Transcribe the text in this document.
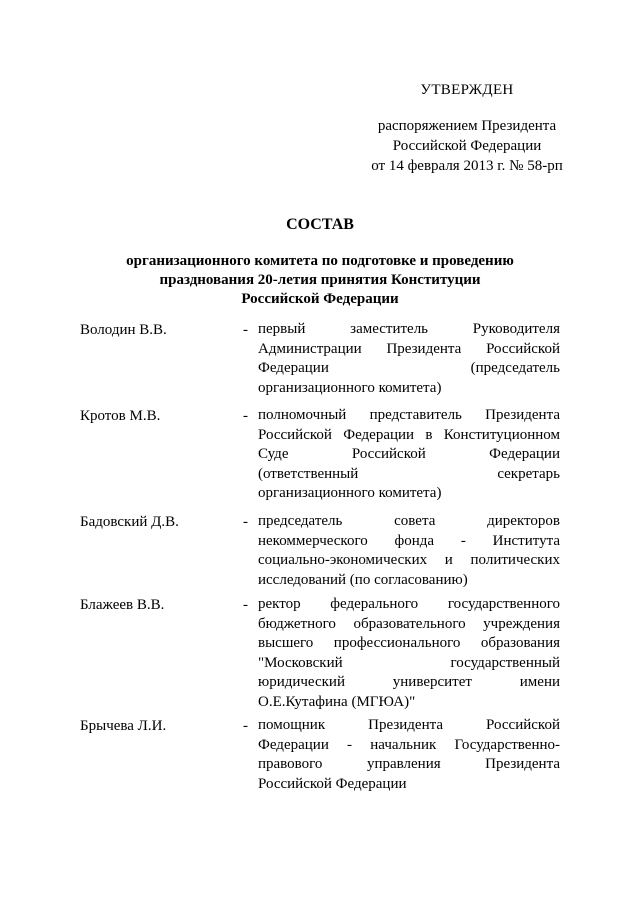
УТВЕРЖДЕН
распоряжением Президента
Российской Федерации
от 14 февраля 2013 г. № 58-рп
СОСТАВ
организационного комитета по подготовке и проведению
празднования 20-летия принятия Конституции
Российской Федерации
Володин В.В.	- первый	заместитель	Руководителя
Администрации Президента Российской
Федерации	(председатель
организационного комитета)
Кротов М.В.	- полномочный представитель Президента
Российской Федерации в Конституционном
Суде	Российской	Федерации
(ответственный	секретарь
организационного комитета)
Бадовский Д.В.	- председатель	совета	директоров
некоммерческого фонда - Института
социально-экономических и политических
исследований (по согласованию)
Блажеев В.В.	- ректор федерального государственного
бюджетного образовательного учреждения
высшего профессионального образования
"Московский	государственный
юридический	университет	имени
О.Е.Кутафина (МГЮА)"
Брычева Л.И.	- помощник	Президента	Российской
Федерации - начальник Государственно-
правового	управления	Президента
Российской Федерации
